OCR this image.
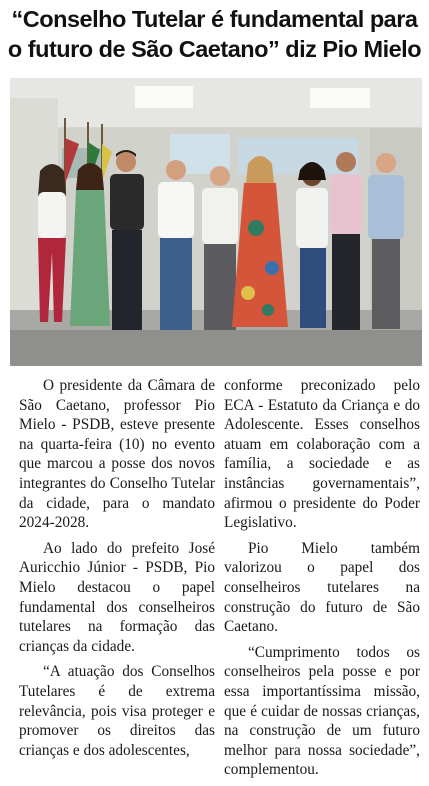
“Conselho Tutelar é fundamental para o futuro de São Caetano” diz Pio Mielo

O presidente da Câmara de São Caetano, professor Pio Mielo - PSDB, esteve presente na quarta-feira (10) no evento que marcou a posse dos novos integrantes do Conselho Tutelar da cidade, para o mandato 2024-2028.

Ao lado do prefeito José Auricchio Júnior - PSDB, Pio Mielo destacou o papel fundamental dos conselheiros tutelares na formação das crianças da cidade.

“A atuação dos Conselhos Tutelares é de extrema relevância, pois visa proteger e promover os direitos das crianças e dos adolescentes,

conforme preconizado pelo ECA - Estatuto da Criança e do Adolescente. Esses conselhos atuam em colaboração com a família, a sociedade e as instâncias governamentais”, afirmou o presidente do Poder Legislativo.

Pio Mielo também valorizou o papel dos conselheiros tutelares na construção do futuro de São Caetano.

“Cumprimento todos os conselheiros pela posse e por essa importantíssima missão, que é cuidar de nossas crianças, na construção de um futuro melhor para nossa sociedade”, complementou.
